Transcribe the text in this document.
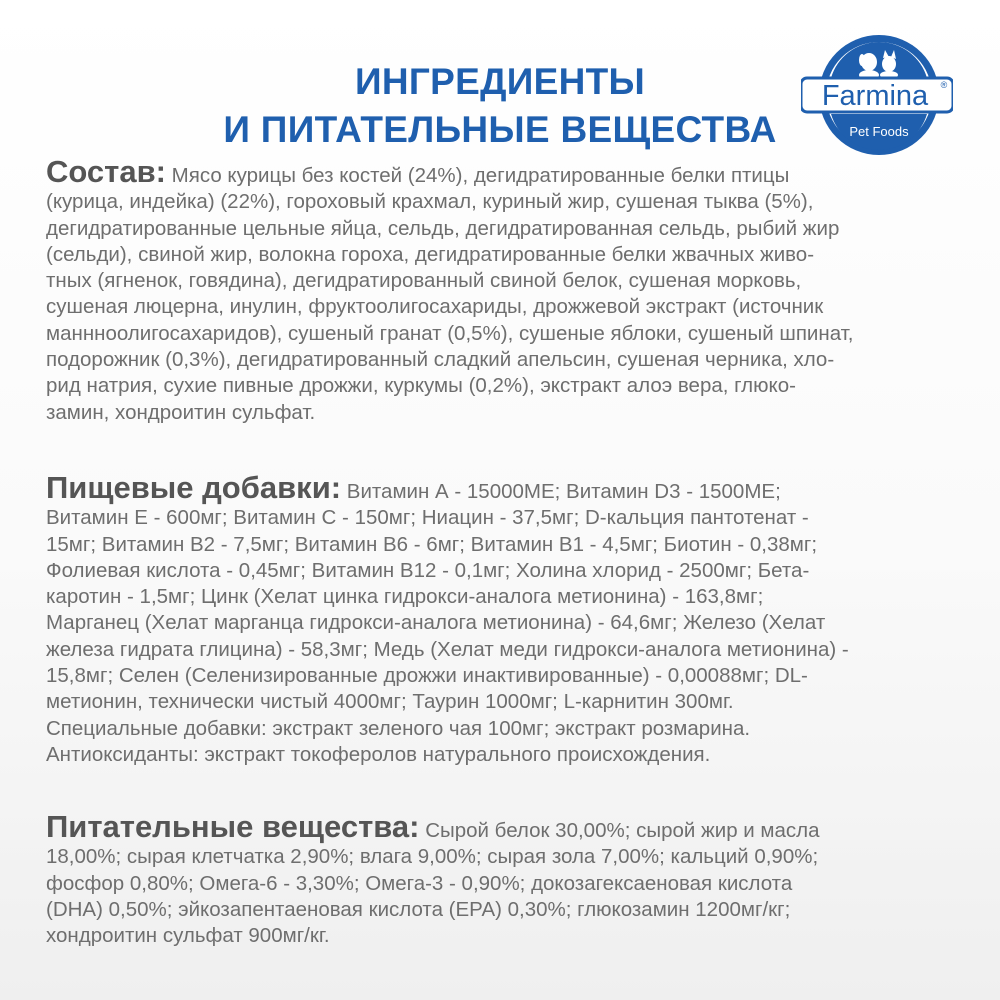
ИНГРЕДИЕНТЫ
И ПИТАТЕЛЬНЫЕ ВЕЩЕСТВА
Farmina ®
Pet Foods

Состав: Мясо курицы без костей (24%), дегидратированные белки птицы
(курица, индейка) (22%), гороховый крахмал, куриный жир, сушеная тыква (5%),
дегидратированные цельные яйца, сельдь, дегидратированная сельдь, рыбий жир
(сельди), свиной жир, волокна гороха, дегидратированные белки жвачных живо-
тных (ягненок, говядина), дегидратированный свиной белок, сушеная морковь,
сушеная люцерна, инулин, фруктоолигосахариды, дрожжевой экстракт (источник
маннноолигосахаридов), сушеный гранат (0,5%), сушеные яблоки, сушеный шпинат,
подорожник (0,3%), дегидратированный сладкий апельсин, сушеная черника, хло-
рид натрия, сухие пивные дрожжи, куркумы (0,2%), экстракт алоэ вера, глюко-
замин, хондроитин сульфат.

Пищевые добавки: Витамин А - 15000МЕ; Витамин D3 - 1500МЕ;
Витамин Е - 600мг; Витамин С - 150мг; Ниацин - 37,5мг; D-кальция пантотенат -
15мг; Витамин В2 - 7,5мг; Витамин В6 - 6мг; Витамин В1 - 4,5мг; Биотин - 0,38мг;
Фолиевая кислота - 0,45мг; Витамин В12 - 0,1мг; Холина хлорид - 2500мг; Бета-
каротин - 1,5мг; Цинк (Хелат цинка гидрокси-аналога метионина) - 163,8мг;
Марганец (Хелат марганца гидрокси-аналога метионина) - 64,6мг; Железо (Хелат
железа гидрата глицина) - 58,3мг; Медь (Хелат меди гидрокси-аналога метионина) -
15,8мг; Селен (Селенизированные дрожжи инактивированные) - 0,00088мг; DL-
метионин, технически чистый 4000мг; Таурин 1000мг; L-карнитин 300мг.
Специальные добавки: экстракт зеленого чая 100мг; экстракт розмарина.
Антиоксиданты: экстракт токоферолов натурального происхождения.

Питательные вещества: Сырой белок 30,00%; сырой жир и масла
18,00%; сырая клетчатка 2,90%; влага 9,00%; сырая зола 7,00%; кальций 0,90%;
фосфор 0,80%; Омега-6 - 3,30%; Омега-3 - 0,90%; докозагексаеновая кислота
(DHA) 0,50%; эйкозапентаеновая кислота (ЕРА) 0,30%; глюкозамин 1200мг/кг;
хондроитин сульфат 900мг/кг.
